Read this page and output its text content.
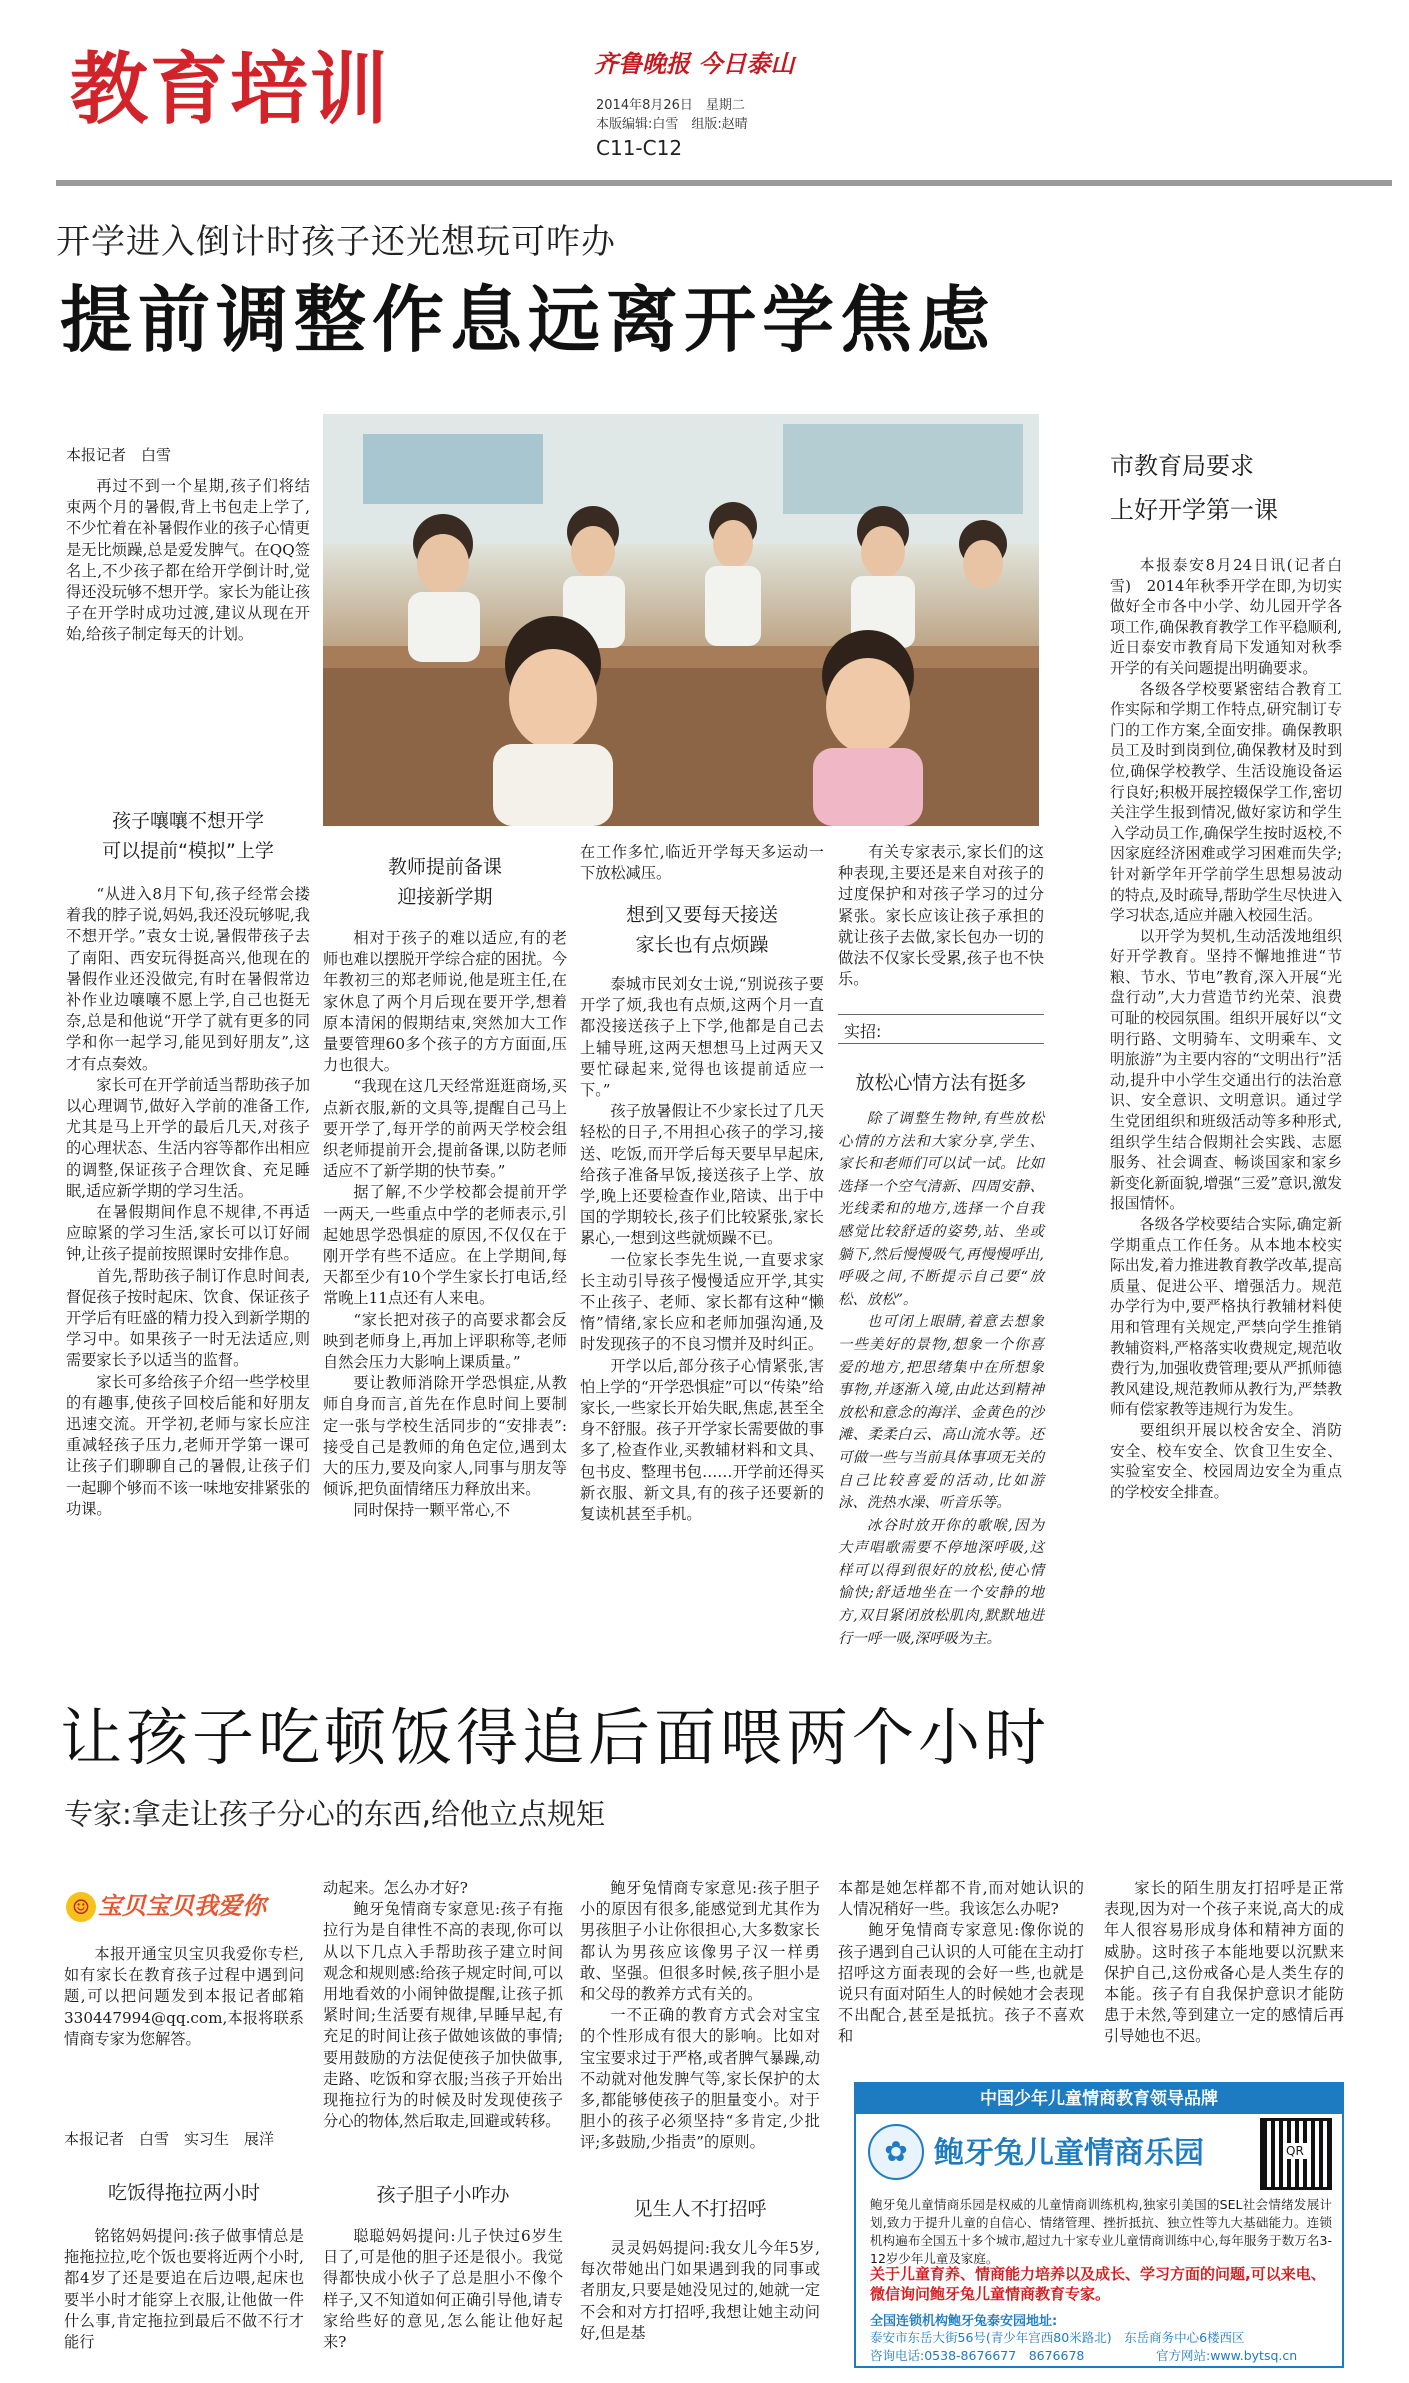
教育培训	齐鲁晚报 今日泰山
2014年8月26日　星期二
本版编辑:白雪　组版:赵晴
C11-C12
开学进入倒计时孩子还光想玩可咋办
提前调整作息远离开学焦虑
本报记者　白雪

再过不到一个星期,孩子们将结束两个月的暑假,背上书包走上学了,不少忙着在补暑假作业的孩子心情更是无比烦躁,总是爱发脾气。在QQ签名上,不少孩子都在给开学倒计时,觉得还没玩够不想开学。家长为能让孩子在开学时成功过渡,建议从现在开始,给孩子制定每天的计划。

孩子嚷嚷不想开学
可以提前“模拟”上学

“从进入8月下旬,孩子经常会搂着我的脖子说,妈妈,我还没玩够呢,我不想开学。”袁女士说,暑假带孩子去了南阳、西安玩得挺高兴,他现在的暑假作业还没做完,有时在暑假常边补作业边嚷嚷不愿上学,自己也挺无奈,总是和他说“开学了就有更多的同学和你一起学习,能见到好朋友”,这才有点奏效。

家长可在开学前适当帮助孩子加以心理调节,做好入学前的准备工作,尤其是马上开学的最后几天,对孩子的心理状态、生活内容等都作出相应的调整,保证孩子合理饮食、充足睡眠,适应新学期的学习生活。

在暑假期间作息不规律,不再适应晾紧的学习生活,家长可以订好闹钟,让孩子提前按照课时安排作息。

首先,帮助孩子制订作息时间表,督促孩子按时起床、饮食、保证孩子开学后有旺盛的精力投入到新学期的学习中。如果孩子一时无法适应,则需要家长予以适当的监督。

家长可多给孩子介绍一些学校里的有趣事,使孩子回校后能和好朋友迅速交流。开学初,老师与家长应注重减轻孩子压力,老师开学第一课可让孩子们聊聊自己的暑假,让孩子们一起聊个够而不该一味地安排紧张的功课。

教师提前备课
迎接新学期

相对于孩子的难以适应,有的老师也难以摆脱开学综合症的困扰。今年教初三的郑老师说,他是班主任,在家休息了两个月后现在要开学,想着原本清闲的假期结束,突然加大工作量要管理60多个孩子的方方面面,压力也很大。

“我现在这几天经常逛逛商场,买点新衣服,新的文具等,提醒自己马上要开学了,每开学的前两天学校会组织老师提前开会,提前备课,以防老师适应不了新学期的快节奏。”

据了解,不少学校都会提前开学一两天,一些重点中学的老师表示,引起她思学恐惧症的原因,不仅仅在于刚开学有些不适应。在上学期间,每天都至少有10个学生家长打电话,经常晚上11点还有人来电。

“家长把对孩子的高要求都会反映到老师身上,再加上评职称等,老师自然会压力大影响上课质量。”

要让教师消除开学恐惧症,从教师自身而言,首先在作息时间上要制定一张与学校生活同步的“安排表”:接受自己是教师的角色定位,遇到太大的压力,要及向家人,同事与朋友等倾诉,把负面情绪压力释放出来。

同时保持一颗平常心,不

在工作多忙,临近开学每天多运动一下放松减压。

想到又要每天接送
家长也有点烦躁

泰城市民刘女士说,“别说孩子要开学了烦,我也有点烦,这两个月一直都没接送孩子上下学,他都是自己去上辅导班,这两天想想马上过两天又要忙碌起来,觉得也该提前适应一下。”

孩子放暑假让不少家长过了几天轻松的日子,不用担心孩子的学习,接送、吃饭,而开学后每天要早早起床,给孩子准备早饭,接送孩子上学、放学,晚上还要检查作业,陪读、出于中国的学期较长,孩子们比较紧张,家长累心,一想到这些就烦躁不已。

一位家长李先生说,一直要求家长主动引导孩子慢慢适应开学,其实不止孩子、老师、家长都有这种“懒惰”情绪,家长应和老师加强沟通,及时发现孩子的不良习惯并及时纠正。

开学以后,部分孩子心情紧张,害怕上学的“开学恐惧症”可以“传染”给家长,一些家长开始失眠,焦虑,甚至全身不舒服。孩子开学家长需要做的事多了,检查作业,买教辅材料和文具、包书皮、整理书包……开学前还得买新衣服、新文具,有的孩子还要新的复读机甚至手机。

有关专家表示,家长们的这种表现,主要还是来自对孩子的过度保护和对孩子学习的过分紧张。家长应该让孩子承担的就让孩子去做,家长包办一切的做法不仅家长受累,孩子也不快乐。

实招:
放松心情方法有挺多

除了调整生物钟,有些放松心情的方法和大家分享,学生、家长和老师们可以试一试。比如选择一个空气清新、四周安静、光线柔和的地方,选择一个自我感觉比较舒适的姿势,站、坐或躺下,然后慢慢吸气,再慢慢呼出,呼吸之间,不断提示自己要“放松、放松”。

也可闭上眼睛,着意去想象一些美好的景物,想象一个你喜爱的地方,把思绪集中在所想象事物,并逐渐入境,由此达到精神放松和意念的海洋、金黄色的沙滩、柔柔白云、高山流水等。还可做一些与当前具体事项无关的自己比较喜爱的活动,比如游泳、洗热水澡、听音乐等。

冰谷时放开你的歌喉,因为大声唱歌需要不停地深呼吸,这样可以得到很好的放松,使心情愉快;舒适地坐在一个安静的地方,双目紧闭放松肌肉,默默地进行一呼一吸,深呼吸为主。

市教育局要求
上好开学第一课

本报泰安8月24日讯(记者白雪)　2014年秋季开学在即,为切实做好全市各中小学、幼儿园开学各项工作,确保教育教学工作平稳顺利,近日泰安市教育局下发通知对秋季开学的有关问题提出明确要求。

各级各学校要紧密结合教育工作实际和学期工作特点,研究制订专门的工作方案,全面安排。确保教职员工及时到岗到位,确保教材及时到位,确保学校教学、生活设施设备运行良好;积极开展控辍保学工作,密切关注学生报到情况,做好家访和学生入学动员工作,确保学生按时返校,不因家庭经济困难或学习困难而失学;针对新学年开学前学生思想易波动的特点,及时疏导,帮助学生尽快进入学习状态,适应并融入校园生活。

以开学为契机,生动活泼地组织好开学教育。坚持不懈地推进“节粮、节水、节电”教育,深入开展“光盘行动”,大力营造节约光荣、浪费可耻的校园氛围。组织开展好以“文明行路、文明骑车、文明乘车、文明旅游”为主要内容的“文明出行”活动,提升中小学生交通出行的法治意识、安全意识、文明意识。通过学生党团组织和班级活动等多种形式,组织学生结合假期社会实践、志愿服务、社会调查、畅谈国家和家乡新变化新面貌,增强“三爱”意识,激发报国情怀。

各级各学校要结合实际,确定新学期重点工作任务。从本地本校实际出发,着力推进教育教学改革,提高质量、促进公平、增强活力。规范办学行为中,要严格执行教辅材料使用和管理有关规定,严禁向学生推销教辅资料,严格落实收费规定,规范收费行为,加强收费管理;要从严抓师德教风建设,规范教师从教行为,严禁教师有偿家教等违规行为发生。

要组织开展以校舍安全、消防安全、校车安全、饮食卫生安全、实验室安全、校园周边安全为重点的学校安全排查。

让孩子吃顿饭得追后面喂两个小时
专家:拿走让孩子分心的东西,给他立点规矩
宝贝宝贝我爱你
☺

本报开通宝贝宝贝我爱你专栏,如有家长在教育孩子过程中遇到问题,可以把问题发到本报记者邮箱330447994@qq.com,本报将联系情商专家为您解答。

本报记者　白雪　实习生　展洋
吃饭得拖拉两小时

铭铭妈妈提问:孩子做事情总是拖拖拉拉,吃个饭也要将近两个小时,都4岁了还是要追在后边喂,起床也要半小时才能穿上衣服,让他做一件什么事,肯定拖拉到最后不做不行才能行

动起来。怎么办才好?

鲍牙兔情商专家意见:孩子有拖拉行为是自律性不高的表现,你可以从以下几点入手帮助孩子建立时间观念和规则感:给孩子规定时间,可以用地看效的小闹钟做提醒,让孩子抓紧时间;生活要有规律,早睡早起,有充足的时间让孩子做她该做的事情;要用鼓励的方法促使孩子加快做事,走路、吃饭和穿衣服;当孩子开始出现拖拉行为的时候及时发现使孩子分心的物体,然后取走,回避或转移。

孩子胆子小咋办

聪聪妈妈提问:儿子快过6岁生日了,可是他的胆子还是很小。我觉得都快成小伙子了总是胆小不像个样子,又不知道如何正确引导他,请专家给些好的意见,怎么能让他好起来?

鲍牙兔情商专家意见:孩子胆子小的原因有很多,能感觉到尤其作为男孩胆子小让你很担心,大多数家长都认为男孩应该像男子汉一样勇敢、坚强。但很多时候,孩子胆小是和父母的教养方式有关的。

一不正确的教育方式会对宝宝的个性形成有很大的影响。比如对宝宝要求过于严格,或者脾气暴躁,动不动就对他发脾气等,家长保护的太多,都能够使孩子的胆量变小。对于胆小的孩子必须坚持“多肯定,少批评;多鼓励,少指责”的原则。

见生人不打招呼

灵灵妈妈提问:我女儿今年5岁,每次带她出门如果遇到我的同事或者朋友,只要是她没见过的,她就一定不会和对方打招呼,我想让她主动问好,但是基

本都是她怎样都不肯,而对她认识的人情况稍好一些。我该怎么办呢?

鲍牙兔情商专家意见:像你说的孩子遇到自己认识的人可能在主动打招呼这方面表现的会好一些,也就是说只有面对陌生人的时候她才会表现不出配合,甚至是抵抗。孩子不喜欢和

家长的陌生朋友打招呼是正常表现,因为对一个孩子来说,高大的成年人很容易形成身体和精神方面的威胁。这时孩子本能地要以沉默来保护自己,这份戒备心是人类生存的本能。孩子有自我保护意识才能防患于未然,等到建立一定的感情后再引导她也不迟。

中国少年儿童情商教育领导品牌
✿ 鲍牙兔儿童情商乐园	QR
鲍牙兔儿童情商乐园是权威的儿童情商训练机构,独家引美国的SEL社会情绪发展计划,致力于提升儿童的自信心、情绪管理、挫折抵抗、独立性等九大基础能力。连锁机构遍布全国五十多个城市,超过九十家专业儿童情商训练中心,每年服务于数万名3-12岁少年儿童及家庭。
关于儿童育养、情商能力培养以及成长、学习方面的问题,可以来电、微信询问鲍牙兔儿童情商教育专家。
全国连锁机构鲍牙兔泰安园地址:
泰安市东岳大街56号(青少年宫西80米路北)　东岳商务中心6楼西区
咨询电话:0538-8676677　8676678	官方网站:www.bytsq.cn
